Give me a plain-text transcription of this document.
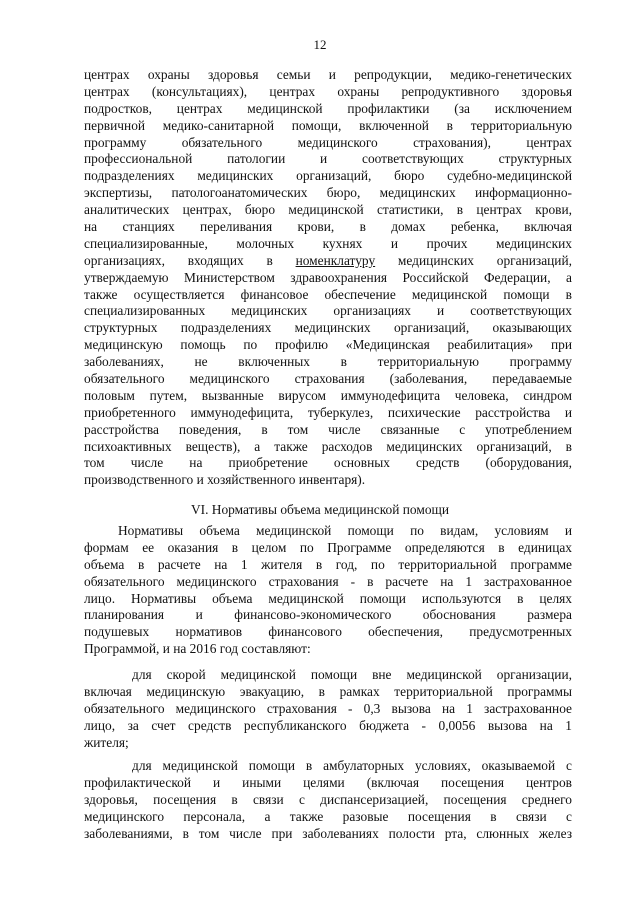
12
центрах охраны здоровья семьи и репродукции, медико-генетических
центрах (консультациях), центрах охраны репродуктивного здоровья
подростков, центрах медицинской профилактики (за исключением
первичной медико-санитарной помощи, включенной в территориальную
программу обязательного медицинского страхования), центрах
профессиональной патологии и соответствующих структурных
подразделениях медицинских организаций, бюро судебно-медицинской
экспертизы, патологоанатомических бюро, медицинских информационно-
аналитических центрах, бюро медицинской статистики, в центрах крови,
на станциях переливания крови, в домах ребенка, включая
специализированные, молочных кухнях и прочих медицинских
организациях, входящих в номенклатуру медицинских организаций,
утверждаемую Министерством здравоохранения Российской Федерации, а
также осуществляется финансовое обеспечение медицинской помощи в
специализированных медицинских организациях и соответствующих
структурных подразделениях медицинских организаций, оказывающих
медицинскую помощь по профилю «Медицинская реабилитация» при
заболеваниях, не включенных в территориальную программу
обязательного медицинского страхования (заболевания, передаваемые
половым путем, вызванные вирусом иммунодефицита человека, синдром
приобретенного иммунодефицита, туберкулез, психические расстройства и
расстройства поведения, в том числе связанные с употреблением
психоактивных веществ), а также расходов медицинских организаций, в
том числе на приобретение основных средств (оборудования,
производственного и хозяйственного инвентаря).
VI. Нормативы объема медицинской помощи
Нормативы объема медицинской помощи по видам, условиям и
формам ее оказания в целом по Программе определяются в единицах
объема в расчете на 1 жителя в год, по территориальной программе
обязательного медицинского страхования - в расчете на 1 застрахованное
лицо. Нормативы объема медицинской помощи используются в целях
планирования и финансово-экономического обоснования размера
подушевых нормативов финансового обеспечения, предусмотренных
Программой, и на 2016 год составляют:
для скорой медицинской помощи вне медицинской организации,
включая медицинскую эвакуацию, в рамках территориальной программы
обязательного медицинского страхования - 0,3 вызова на 1 застрахованное
лицо, за счет средств республиканского бюджета - 0,0056 вызова на 1
жителя;
для медицинской помощи в амбулаторных условиях, оказываемой с
профилактической и иными целями (включая посещения центров
здоровья, посещения в связи с диспансеризацией, посещения среднего
медицинского персонала, а также разовые посещения в связи с
заболеваниями, в том числе при заболеваниях полости рта, слюнных желез
